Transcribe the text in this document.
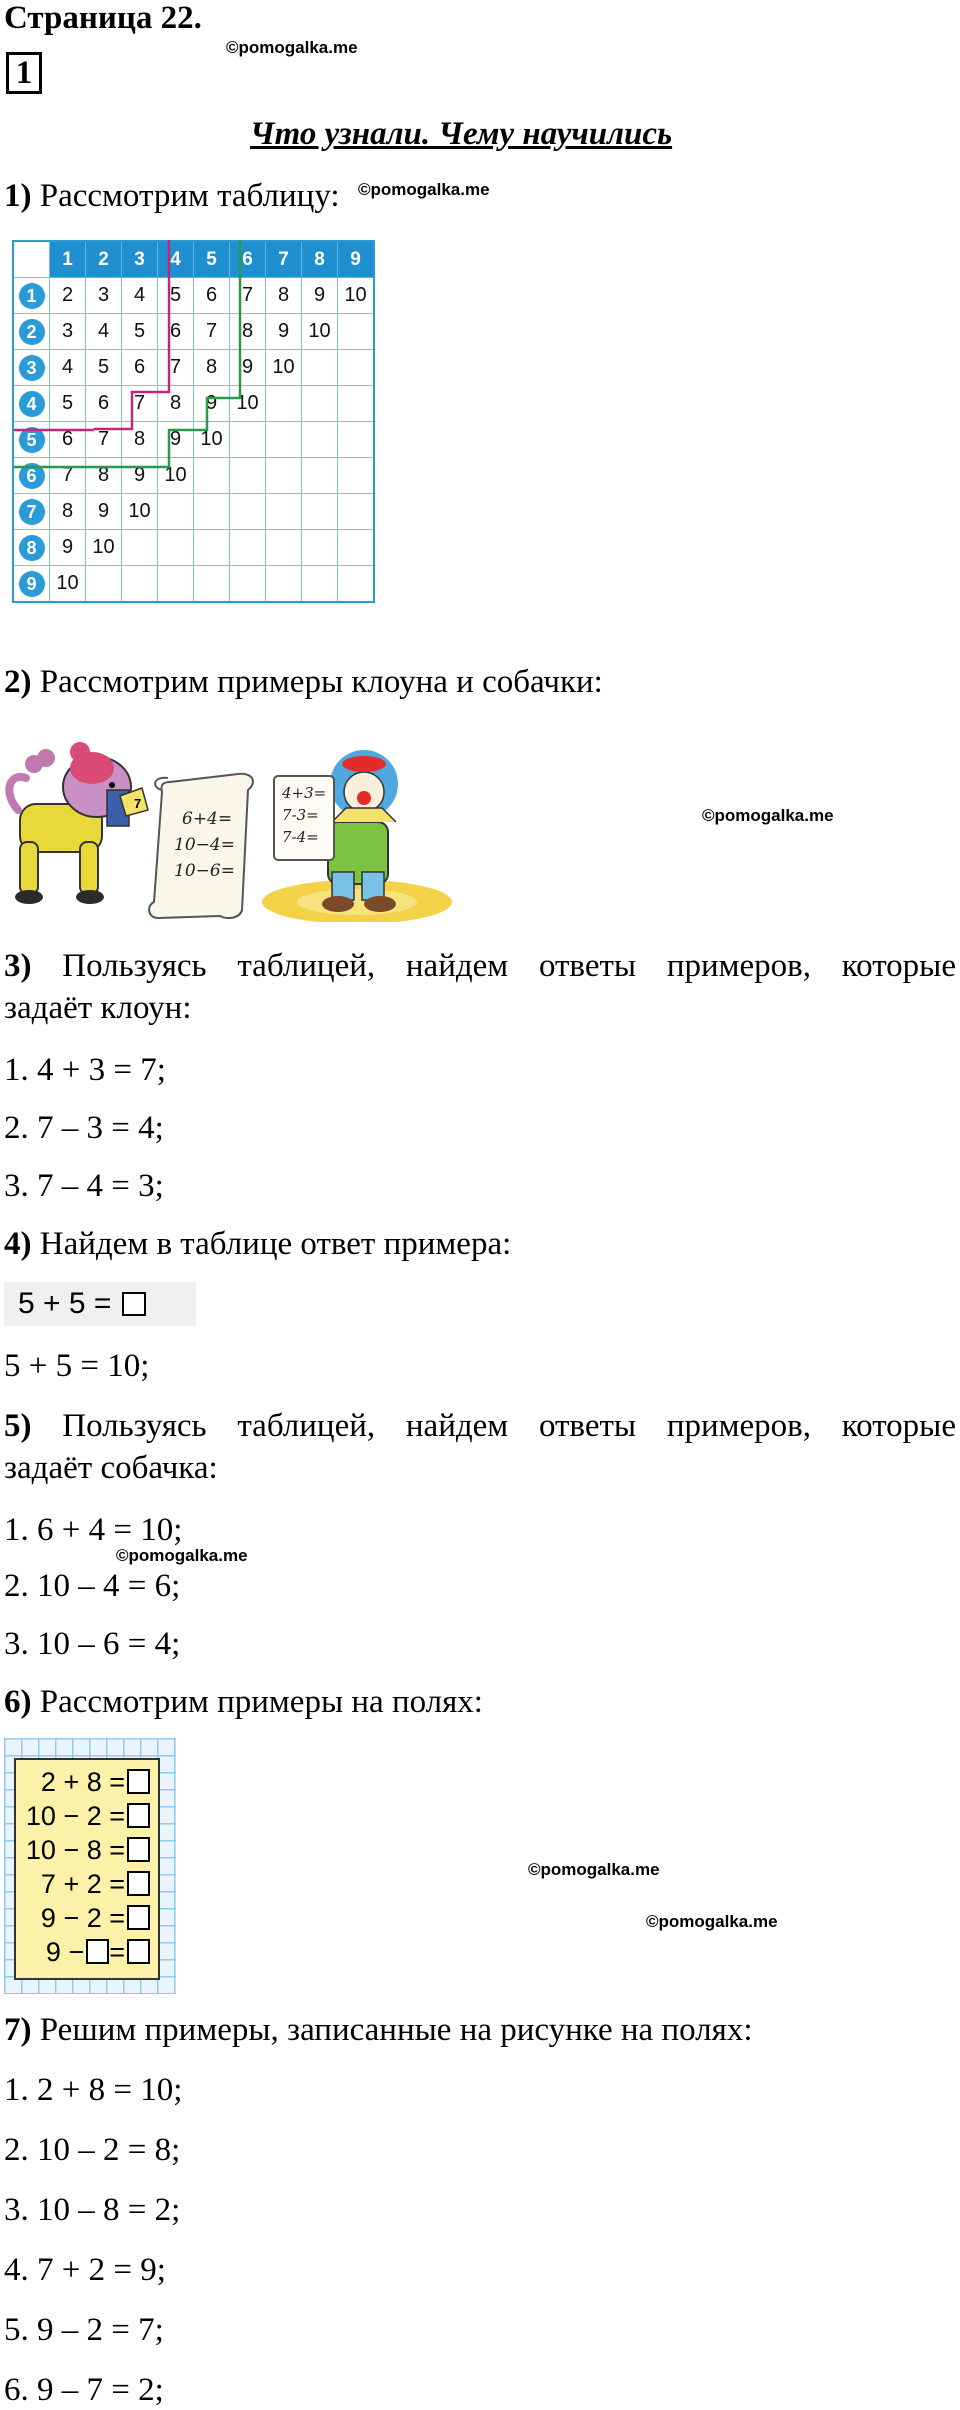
Страница 22.
©pomogalka.me
1
Что узнали. Чему научились
1) Рассмотрим таблицу: ©pomogalka.me
	1	2	3	4	5	6	7	8	9
1	2	3	4	5	6	7	8	9	10
2	3	4	5	6	7	8	9	10	
3	4	5	6	7	8	9	10		
4	5	6	7	8	9	10			
5	6	7	8	9	10				
6	7	8	9	10					
7	8	9	10						
8	9	10							
9	10								
2) Рассмотрим примеры клоуна и собачки:
7
6+4= 10−4= 10−6=
4+3= 7-3= 7-4=
©pomogalka.me
3) Пользуясь таблицей, найдем ответы примеров, которые
задаёт клоун:
1. 4 + 3 = 7;
2. 7 – 3 = 4;
3. 7 – 4 = 3;
4) Найдем в таблице ответ примера:
5 + 5 =
5 + 5 = 10;
5) Пользуясь таблицей, найдем ответы примеров, которые
задаёт собачка:
1. 6 + 4 = 10;
©pomogalka.me
2. 10 – 4 = 6;
3. 10 – 6 = 4;
6) Рассмотрим примеры на полях:
2 + 8 =
10 − 2 =
10 − 8 =
7 + 2 =
9 − 2 =
9 − =
©pomogalka.me
©pomogalka.me
7) Решим примеры, записанные на рисунке на полях:
1. 2 + 8 = 10;
2. 10 – 2 = 8;
3. 10 – 8 = 2;
4. 7 + 2 = 9;
5. 9 – 2 = 7;
6. 9 – 7 = 2;
